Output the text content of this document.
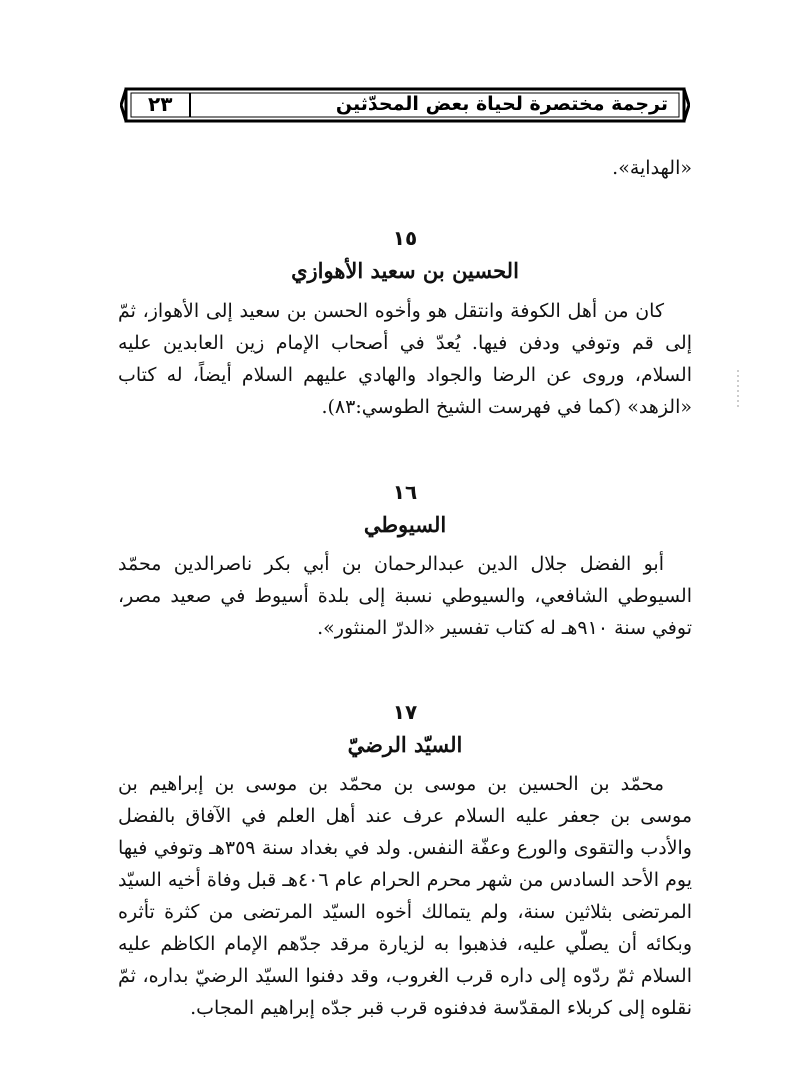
ترجمة مختصرة لحياة بعض المحدّثين
٢٣
«الهداية».
١٥
الحسين بن سعيد الأهوازي
كان من أهل الكوفة وانتقل هو وأخوه الحسن بن سعيد إلى الأهواز، ثمّ إلى قم وتوفي ودفن فيها. يُعدّ في أصحاب الإمام زين العابدين عليه السلام، وروى عن الرضا والجواد والهادي عليهم السلام أيضاً، له كتاب «الزهد» (كما في فهرست الشيخ الطوسي:٨٣).
١٦
السيوطي
أبو الفضل جلال الدين عبدالرحمان بن أبي بكر ناصرالدين محمّد السيوطي الشافعي، والسيوطي نسبة إلى بلدة أسيوط في صعيد مصر، توفي سنة ٩١٠هـ له كتاب تفسير «الدرّ المنثور».
١٧
السيّد الرضيّ
محمّد بن الحسين بن موسى بن محمّد بن موسى بن إبراهيم بن موسى بن جعفر عليه السلام عرف عند أهل العلم في الآفاق بالفضل والأدب والتقوى والورع وعفّة النفس. ولد في بغداد سنة ٣٥٩هـ وتوفي فيها يوم الأحد السادس من شهر محرم الحرام عام ٤٠٦هـ قبل وفاة أخيه السيّد المرتضى بثلاثين سنة، ولم يتمالك أخوه السيّد المرتضى من كثرة تأثره وبكائه أن يصلّي عليه، فذهبوا به لزيارة مرقد جدّهم الإمام الكاظم عليه السلام ثمّ ردّوه إلى داره قرب الغروب، وقد دفنوا السيّد الرضيّ بداره، ثمّ نقلوه إلى كربلاء المقدّسة فدفنوه قرب قبر جدّه إبراهيم المجاب.
